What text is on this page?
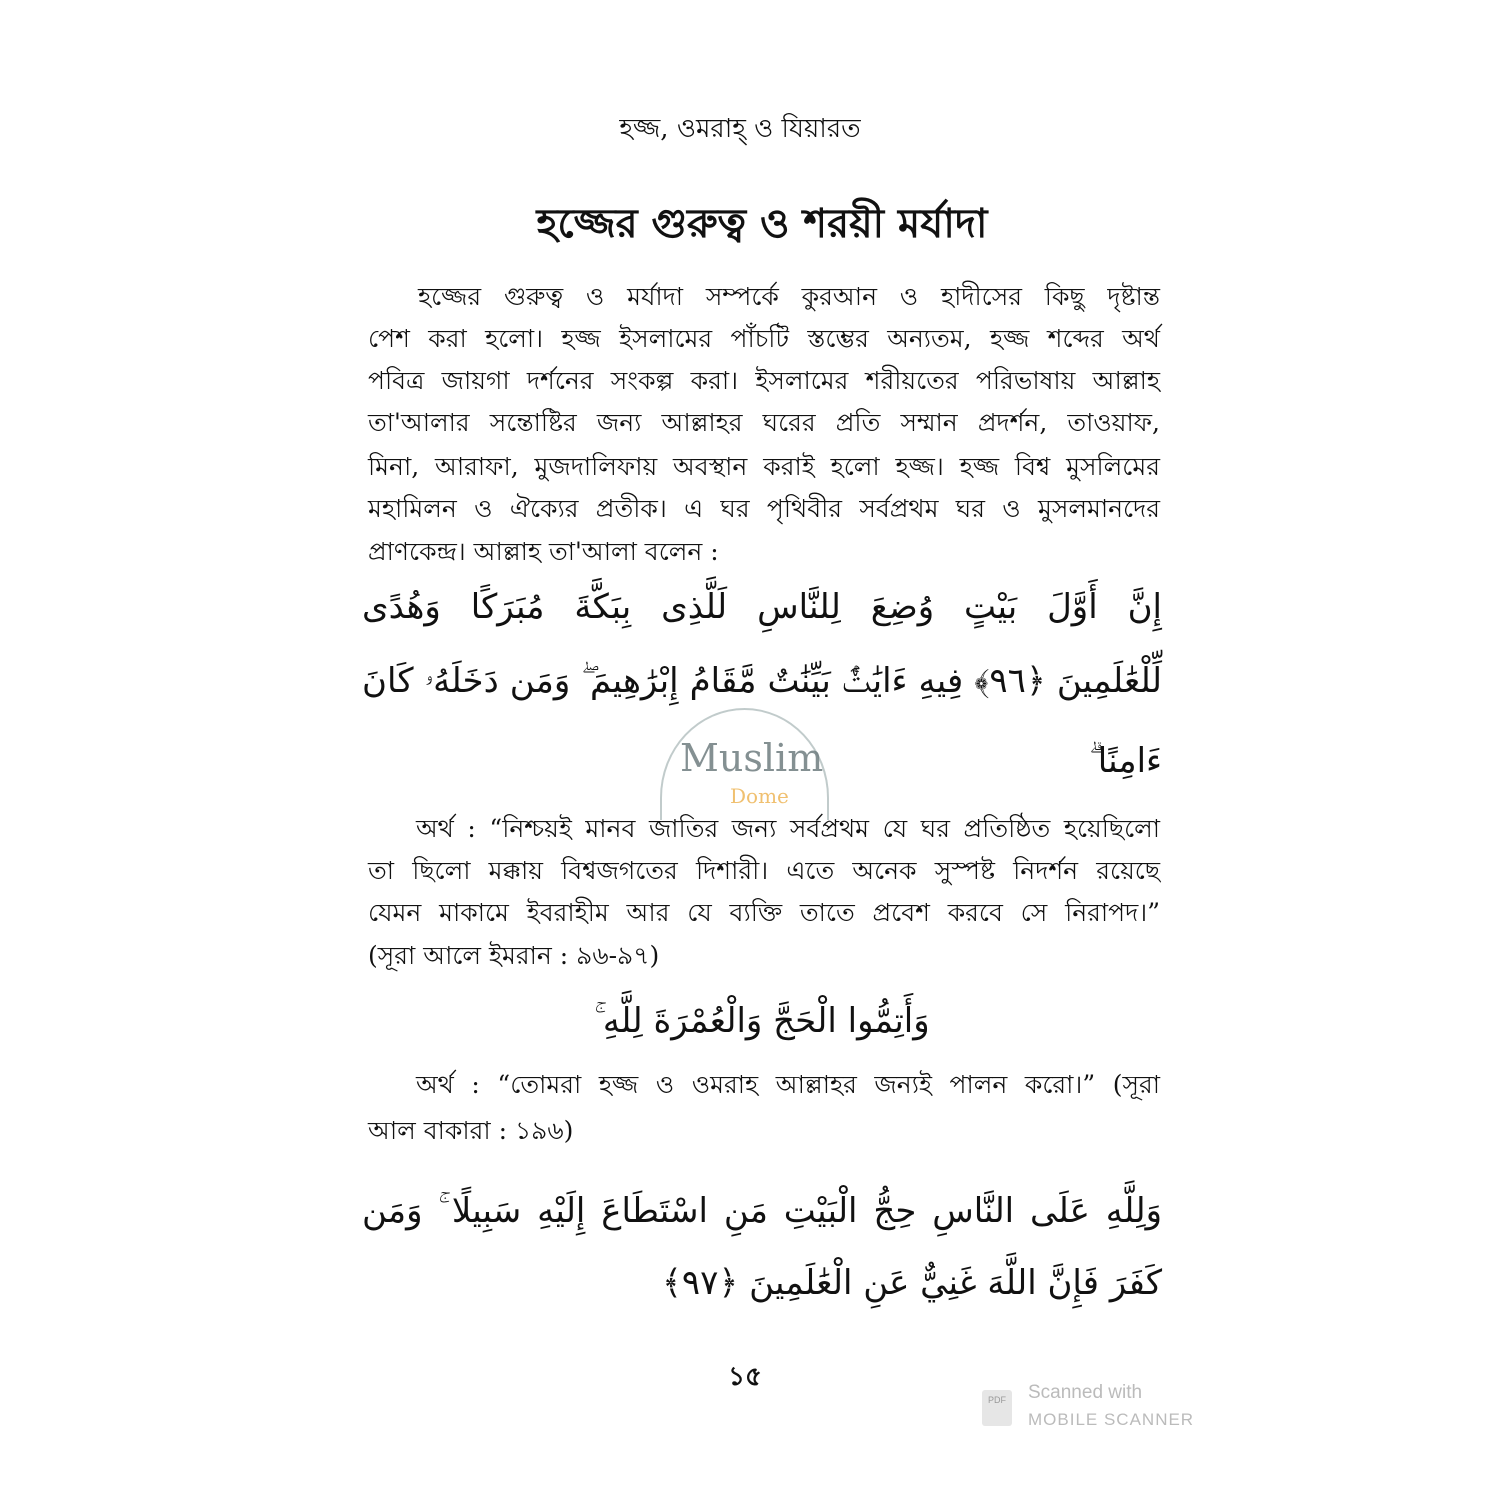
হজ্জ, ওমরাহ্ ও যিয়ারত
হজ্জের গুরুত্ব ও শরয়ী মর্যাদা
হজ্জের গুরুত্ব ও মর্যাদা সম্পর্কে কুরআন ও হাদীসের কিছু দৃষ্টান্ত
পেশ করা হলো। হজ্জ ইসলামের পাঁচটি স্তম্ভের অন্যতম, হজ্জ শব্দের অর্থ
পবিত্র জায়গা দর্শনের সংকল্প করা। ইসলামের শরীয়তের পরিভাষায় আল্লাহ
তা'আলার সন্তোষ্টির জন্য আল্লাহর ঘরের প্রতি সম্মান প্রদর্শন, তাওয়াফ,
মিনা, আরাফা, মুজদালিফায় অবস্থান করাই হলো হজ্জ। হজ্জ বিশ্ব মুসলিমের
মহামিলন ও ঐক্যের প্রতীক। এ ঘর পৃথিবীর সর্বপ্রথম ঘর ও মুসলমানদের
প্রাণকেন্দ্র। আল্লাহ তা'আলা বলেন :
إِنَّ أَوَّلَ بَيْتٍ وُضِعَ لِلنَّاسِ لَلَّذِى بِبَكَّةَ مُبَرَكًا وَهُدًى
لِّلْعَٰلَمِينَ ﴿٩٦﴾ فِيهِ ءَايَٰتٌۢ بَيِّنَٰتٌ مَّقَامُ إِبْرَٰهِيمَ ۖ وَمَن دَخَلَهُۥ كَانَ
ءَامِنًا ۗ
Muslim
Dome
অর্থ : “নিশ্চয়ই মানব জাতির জন্য সর্বপ্রথম যে ঘর প্রতিষ্ঠিত হয়েছিলো
তা ছিলো মক্কায় বিশ্বজগতের দিশারী। এতে অনেক সুস্পষ্ট নিদর্শন রয়েছে
যেমন মাকামে ইবরাহীম আর যে ব্যক্তি তাতে প্রবেশ করবে সে নিরাপদ।”
(সূরা আলে ইমরান : ৯৬-৯৭)
وَأَتِمُّوا الْحَجَّ وَالْعُمْرَةَ لِلَّهِ ۚ
অর্থ : “তোমরা হজ্জ ও ওমরাহ আল্লাহর জন্যই পালন করো।” (সূরা
আল বাকারা : ১৯৬)
وَلِلَّهِ عَلَى النَّاسِ حِجُّ الْبَيْتِ مَنِ اسْتَطَاعَ إِلَيْهِ سَبِيلًا ۚ وَمَن
كَفَرَ فَإِنَّ اللَّهَ غَنِيٌّ عَنِ الْعَٰلَمِينَ ﴿٩٧﴾
১৫
PDF	Scanned with
MOBILE SCANNER
